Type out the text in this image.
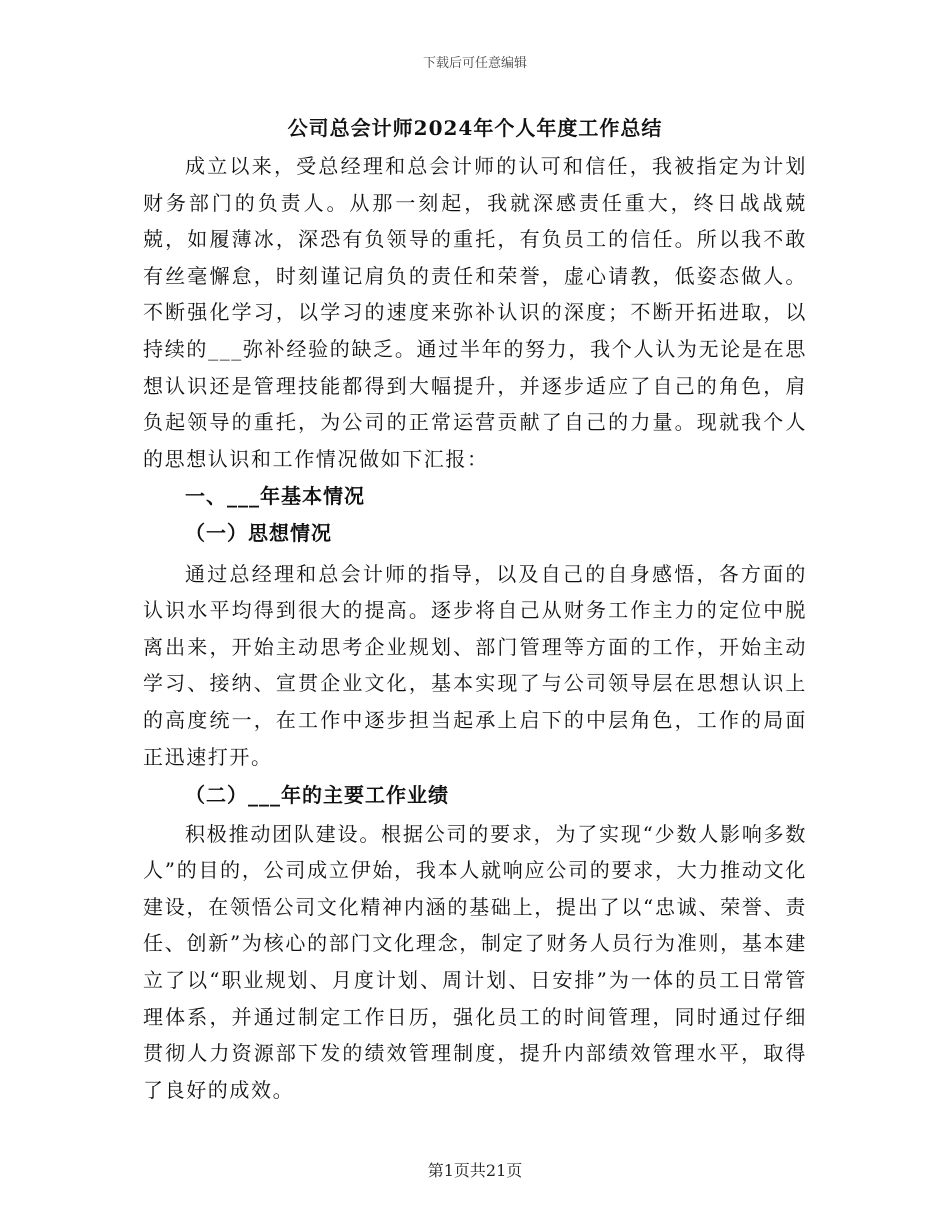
下载后可任意编辑
公司总会计师2024年个人年度工作总结

成立以来，受总经理和总会计师的认可和信任，我被指定为计划财务部门的负责人。从那一刻起，我就深感责任重大，终日战战兢兢，如履薄冰，深恐有负领导的重托，有负员工的信任。所以我不敢有丝毫懈怠，时刻谨记肩负的责任和荣誉，虚心请教，低姿态做人。不断强化学习，以学习的速度来弥补认识的深度；不断开拓进取，以持续的___弥补经验的缺乏。通过半年的努力，我个人认为无论是在思想认识还是管理技能都得到大幅提升，并逐步适应了自己的角色，肩负起领导的重托，为公司的正常运营贡献了自己的力量。现就我个人的思想认识和工作情况做如下汇报：

一、___年基本情况
（一）思想情况

通过总经理和总会计师的指导，以及自己的自身感悟，各方面的认识水平均得到很大的提高。逐步将自己从财务工作主力的定位中脱离出来，开始主动思考企业规划、部门管理等方面的工作，开始主动学习、接纳、宣贯企业文化，基本实现了与公司领导层在思想认识上的高度统一，在工作中逐步担当起承上启下的中层角色，工作的局面正迅速打开。

（二）___年的主要工作业绩

积极推动团队建设。根据公司的要求，为了实现“少数人影响多数人”的目的，公司成立伊始，我本人就响应公司的要求，大力推动文化建设，在领悟公司文化精神内涵的基础上，提出了以“忠诚、荣誉、责任、创新”为核心的部门文化理念，制定了财务人员行为准则，基本建立了以“职业规划、月度计划、周计划、日安排”为一体的员工日常管理体系，并通过制定工作日历，强化员工的时间管理，同时通过仔细贯彻人力资源部下发的绩效管理制度，提升内部绩效管理水平，取得了良好的成效。

第1页共21页
